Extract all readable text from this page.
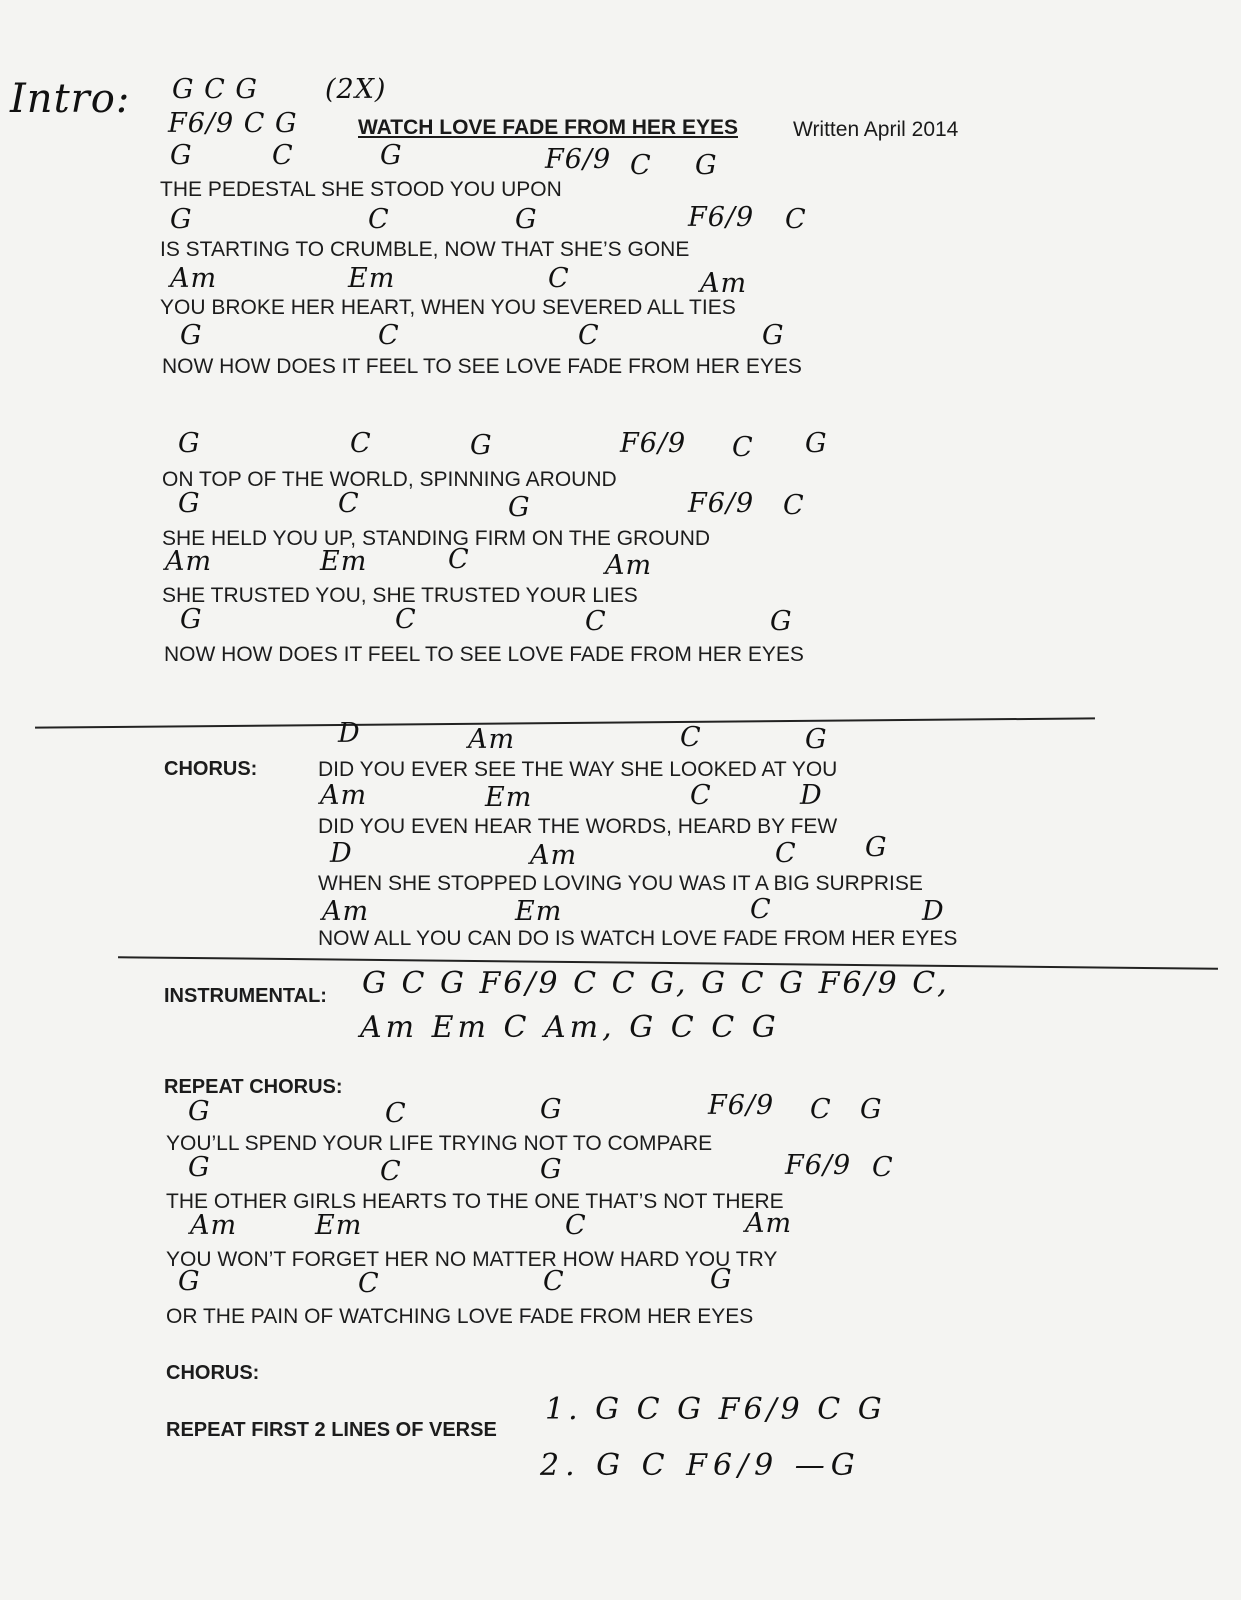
Intro: G C G (2X)
F6/9 C G	WATCH LOVE FADE FROM HER EYES	Written April 2014
G	C	G	F6/9 C G
THE PEDESTAL SHE STOOD YOU UPON
G	C	G	F6/9 C
IS STARTING TO CRUMBLE, NOW THAT SHE’S GONE
Am	Em	C	Am
YOU BROKE HER HEART, WHEN YOU SEVERED ALL TIES
G	C	C	G
NOW HOW DOES IT FEEL TO SEE LOVE FADE FROM HER EYES
G	C	G	F6/9 C G
ON TOP OF THE WORLD, SPINNING AROUND
G	C	G	F6/9 C
SHE HELD YOU UP, STANDING FIRM ON THE GROUND
Am	Em	C	Am
SHE TRUSTED YOU, SHE TRUSTED YOUR LIES
G	C	C	G
NOW HOW DOES IT FEEL TO SEE LOVE FADE FROM HER EYES
CHORUS:
D	Am	C	G
DID YOU EVER SEE THE WAY SHE LOOKED AT YOU
Am	Em	C	D
DID YOU EVEN HEAR THE WORDS, HEARD BY FEW
D	Am	C	G
WHEN SHE STOPPED LOVING YOU WAS IT A BIG SURPRISE
Am	Em	C	D
NOW ALL YOU CAN DO IS WATCH LOVE FADE FROM HER EYES
INSTRUMENTAL: G C G F6/9 C C G, G C G F6/9 C,
Am Em C Am, G C C G
REPEAT CHORUS:
G	C	G	F6/9 C G
YOU’LL SPEND YOUR LIFE TRYING NOT TO COMPARE
G	C	G	F6/9 C
THE OTHER GIRLS HEARTS TO THE ONE THAT’S NOT THERE
Am	Em	C	Am
YOU WON’T FORGET HER NO MATTER HOW HARD YOU TRY
G	C	C	G
OR THE PAIN OF WATCHING LOVE FADE FROM HER EYES
CHORUS:
REPEAT FIRST 2 LINES OF VERSE
1. G C G F6/9 C G
2. G C F6/9 —G
